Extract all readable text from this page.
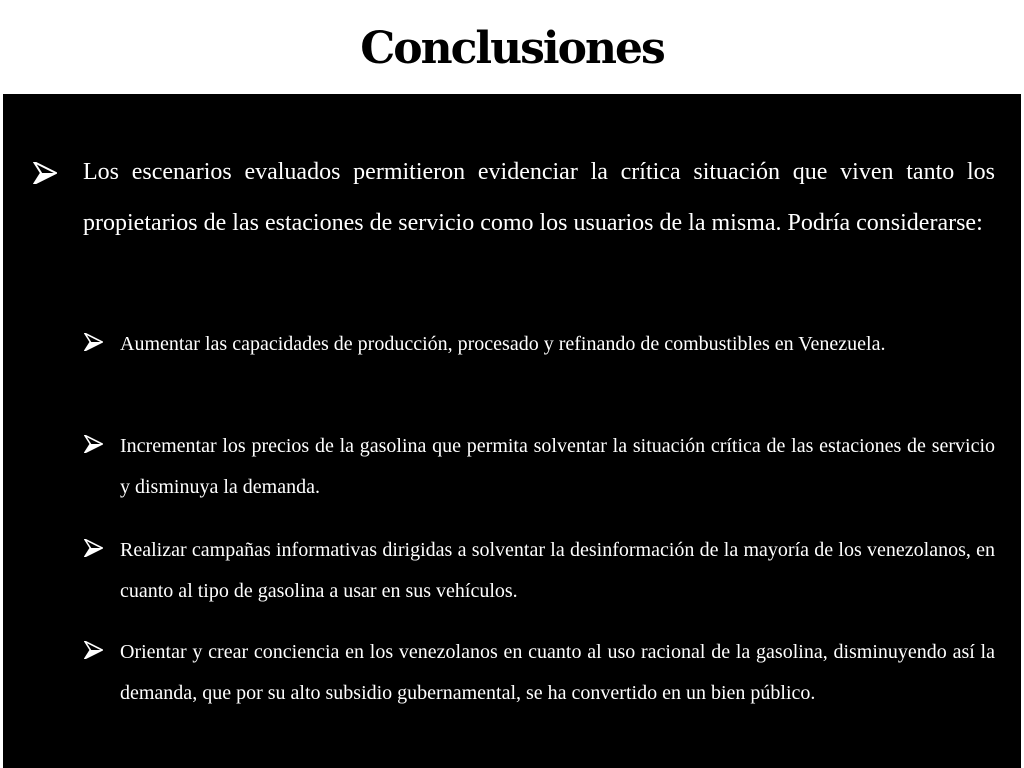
Conclusiones

Los escenarios evaluados permitieron evidenciar la crítica situación que viven tanto los propietarios de las estaciones de servicio como los usuarios de la misma. Podría considerarse:

Aumentar las capacidades de producción, procesado y refinando de combustibles en Venezuela.

Incrementar los precios de la gasolina que permita solventar la situación crítica de las estaciones de servicio y disminuya la demanda.

Realizar campañas informativas dirigidas a solventar la desinformación de la mayoría de los venezolanos, en cuanto al tipo de gasolina a usar en sus vehículos.

Orientar y crear conciencia en los venezolanos en cuanto al uso racional de la gasolina, disminuyendo así la demanda, que por su alto subsidio gubernamental, se ha convertido en un bien público.
